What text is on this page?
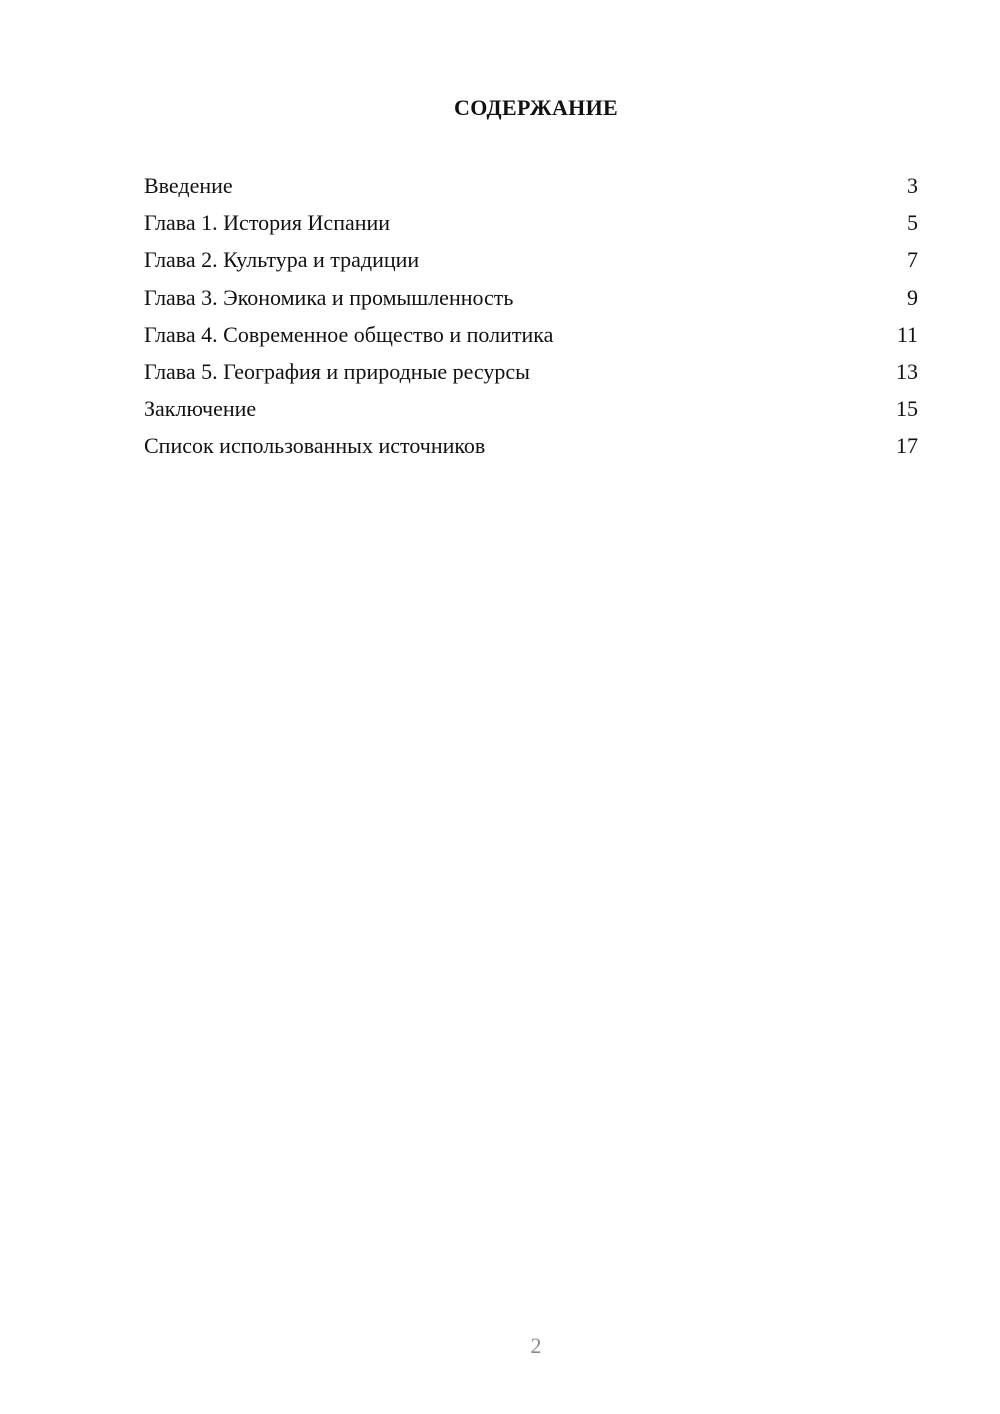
СОДЕРЖАНИЕ
Введение	3
Глава 1. История Испании	5
Глава 2. Культура и традиции	7
Глава 3. Экономика и промышленность	9
Глава 4. Современное общество и политика	11
Глава 5. География и природные ресурсы	13
Заключение	15
Список использованных источников	17
2
